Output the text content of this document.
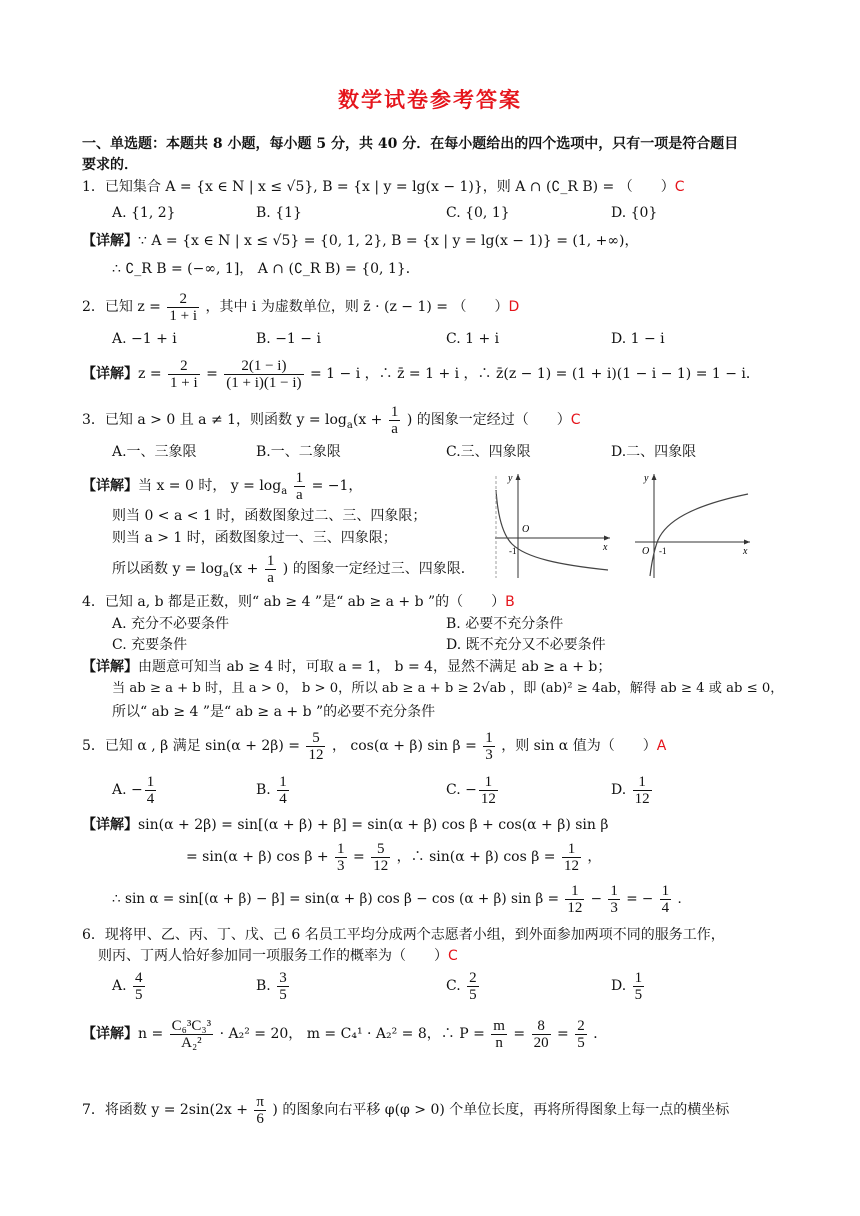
数学试卷参考答案
一、单选题：本题共 8 小题，每小题 5 分，共 40 分．在每小题给出的四个选项中，只有一项是符合题目
要求的．
1．已知集合 A = {x ∈ N | x ≤ √5}, B = {x | y = lg(x − 1)}，则 A ∩ (∁_R B) = （　　）C
A. {1, 2}	B. {1}	C. {0, 1}	D. {0}
【详解】∵ A = {x ∈ N | x ≤ √5} = {0, 1, 2}, B = {x | y = lg(x − 1)} = (1, +∞)，
∴ ∁_R B = (−∞, 1]， A ∩ (∁_R B) = {0, 1}．
2．已知 $z = \frac{2}{1 + i}$ ，其中 i 为虚数单位，则 z̄ · (z − 1) = （　　）D
A. −1 + i	B. −1 − i	C. 1 + i	D. 1 − i
【详解】$z = \frac{2}{1 + i} = \frac{2(1 - i)}{(1 + i)(1 - i)} = 1 - i$ ，∴ z̄ = 1 + i ，∴ z̄(z − 1) = (1 + i)(1 − i − 1) = 1 − i．
3．已知 a > 0 且 a ≠ 1，则函数 $y = \log_a(x + \frac{1}{a}$ ) 的图象一定经过（　　）C
A.一、三象限	B.一、二象限	C.三、四象限	D.二、四象限
【详解】当 x = 0 时， $y = \log_a \frac{1}{a} = -1$，
则当 0 < a < 1 时，函数图象过二、三、四象限；
则当 a > 1 时，函数图象过一、三、四象限；
所以函数 $y = \log_a(x + \frac{1}{a}$ ) 的图象一定经过三、四象限．
y
x
O
-1
y
x
O -1
4．已知 a, b 都是正数，则“ ab ≥ 4 ”是“ ab ≥ a + b ”的（　　）B
A. 充分不必要条件	B. 必要不充分条件
C. 充要条件	D. 既不充分又不必要条件
【详解】由题意可知当 ab ≥ 4 时，可取 a = 1， b = 4，显然不满足 ab ≥ a + b；
当 ab ≥ a + b 时，且 a > 0， b > 0，所以 ab ≥ a + b ≥ 2√ab ，即 (ab)² ≥ 4ab，解得 ab ≥ 4 或 ab ≤ 0，
所以“ ab ≥ 4 ”是“ ab ≥ a + b ”的必要不充分条件
5．已知 α , β 满足 $\sin(\alpha + 2\beta) = \frac{5}{12}$ ， cos(α + β) $\sin \beta = \frac{1}{3}$ ，则 sin α 值为（　　）A
A. − $\frac{1}{4}$	B. $\frac{1}{4}$	C. − $\frac{1}{12}$	D. $\frac{1}{12}$
【详解】sin(α + 2β) = sin[(α + β) + β] = sin(α + β) cos β + cos(α + β) sin β
= sin(α + β) $\cos \beta + \frac{1}{3} = \frac{5}{12}$ ，∴ sin(α + β) $\cos \beta = \frac{1}{12}$ ，
∴ sin α = sin[(α + β) − β] = sin(α + β) cos β − cos (α + β) $\sin \beta = \frac{1}{12} - \frac{1}{3}$ = − $\frac{1}{4}$ ．
6．现将甲、乙、丙、丁、戊、己 6 名员工平均分成两个志愿者小组，到外面参加两项不同的服务工作，
则丙、丁两人恰好参加同一项服务工作的概率为（　　）C
A. $\frac{4}{5}$	B. $\frac{3}{5}$	C. $\frac{2}{5}$	D. $\frac{1}{5}$
【详解】$n = \frac{\text{C₆³C₃³}}{\text{A₂²}} \cdot A_2^2 = 20$， m = C₄¹ · A₂² = 8，∴ $P = \frac{m}{n} = \frac{8}{20} = \frac{2}{5}$ ．
7．将函数 $y = 2\sin(2x + \frac{\pi}{6}$ ) 的图象向右平移 φ(φ > 0) 个单位长度，再将所得图象上每一点的横坐标
